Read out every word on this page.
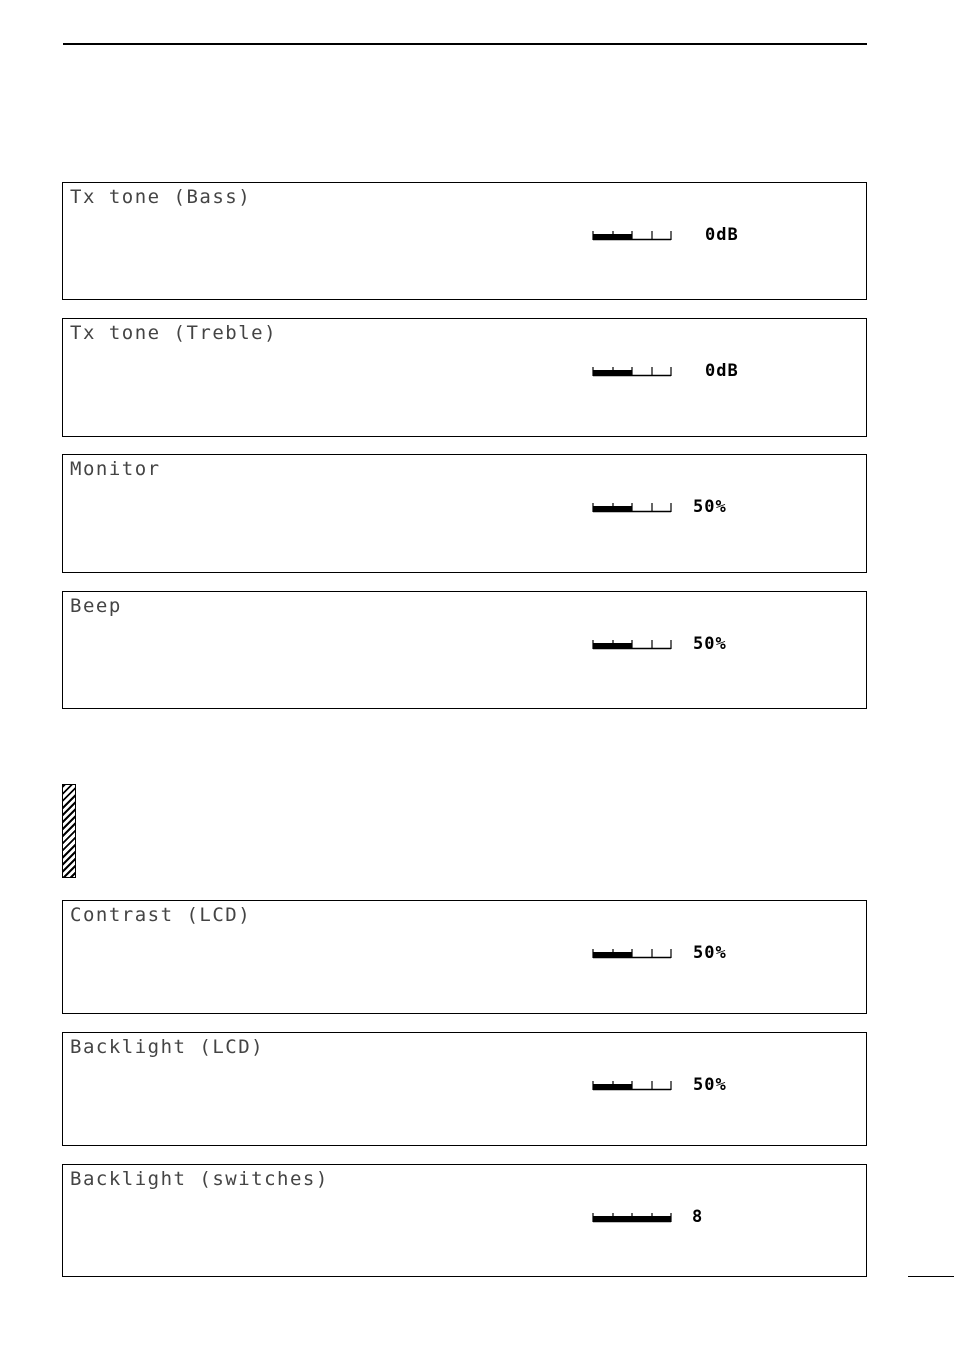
Tx tone (Bass)
0dB
Tx tone (Treble)
0dB
Monitor
50%
Beep
50%
Contrast (LCD)
50%
Backlight (LCD)
50%
Backlight (switches)
8
